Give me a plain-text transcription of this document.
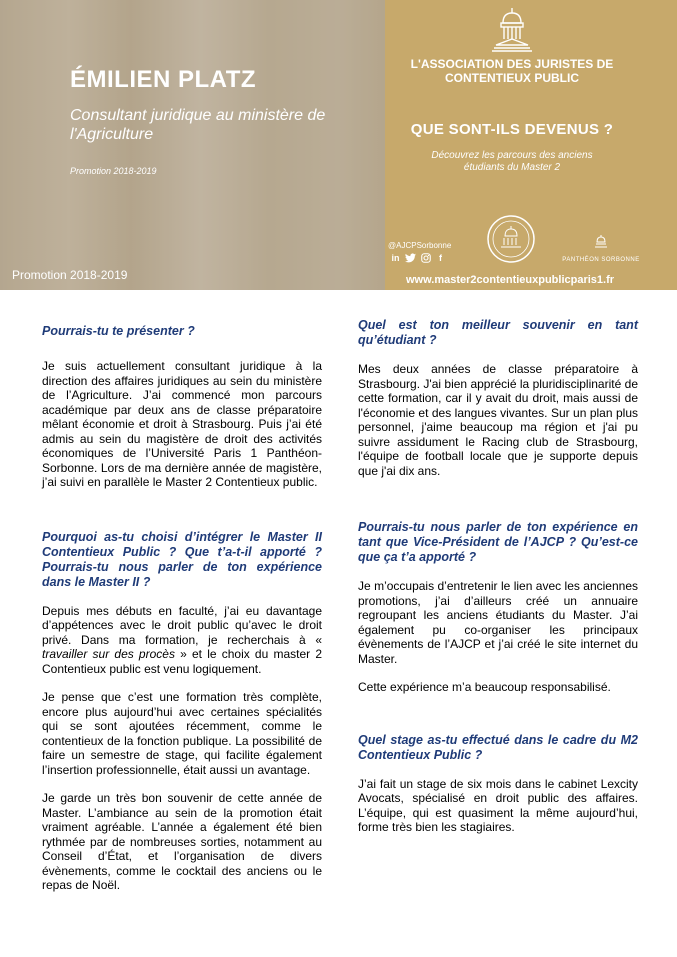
ÉMILIEN PLATZ
Consultant juridique au ministère de l'Agriculture
Promotion 2018-2019
Promotion 2018-2019
L'ASSOCIATION DES JURISTES DE CONTENTIEUX PUBLIC
QUE SONT-ILS DEVENUS ?
Découvrez les parcours des anciens étudiants du Master 2
@AJCPSorbonne
in	f	PANTHÉON SORBONNE
www.master2contentieuxpublicparis1.fr

Pourrais-tu te présenter ?

Je suis actuellement consultant juridique à la direction des affaires juridiques au sein du ministère de l’Agriculture. J’ai commencé mon parcours académique par deux ans de classe préparatoire mêlant économie et droit à Strasbourg. Puis j’ai été admis au sein du magistère de droit des activités économiques de l’Université Paris 1 Panthéon-Sorbonne. Lors de ma dernière année de magistère, j’ai suivi en parallèle le Master 2 Contentieux public.

Pourquoi as-tu choisi d’intégrer le Master II Contentieux Public ? Que t’a-t-il apporté ? Pourrais-tu nous parler de ton expérience dans le Master II ?

Depuis mes débuts en faculté, j’ai eu davantage d’appétences avec le droit public qu’avec le droit privé. Dans ma formation, je recherchais à « travailler sur des procès » et le choix du master 2 Contentieux public est venu logiquement.

Je pense que c’est une formation très complète, encore plus aujourd’hui avec certaines spécialités qui se sont ajoutées récemment, comme le contentieux de la fonction publique. La possibilité de faire un semestre de stage, qui facilite également l’insertion professionnelle, était aussi un avantage.

Je garde un très bon souvenir de cette année de Master. L’ambiance au sein de la promotion était vraiment agréable. L’année a également été bien rythmée par de nombreuses sorties, notamment au Conseil d’État, et l’organisation de divers évènements, comme le cocktail des anciens ou le repas de Noël.

Quel est ton meilleur souvenir en tant qu’étudiant ?

Mes deux années de classe préparatoire à Strasbourg. J'ai bien apprécié la pluridisciplinarité de cette formation, car il y avait du droit, mais aussi de l'économie et des langues vivantes. Sur un plan plus personnel, j'aime beaucoup ma région et j'ai pu suivre assidument le Racing club de Strasbourg, l'équipe de football locale que je supporte depuis que j'ai dix ans.

Pourrais-tu nous parler de ton expérience en tant que Vice-Président de l’AJCP ? Qu’est-ce que ça t’a apporté ?

Je m’occupais d’entretenir le lien avec les anciennes promotions, j’ai d’ailleurs créé un annuaire regroupant les anciens étudiants du Master. J’ai également pu co-organiser les principaux évènements de l’AJCP et j’ai créé le site internet du Master.

Cette expérience m’a beaucoup responsabilisé.

Quel stage as-tu effectué dans le cadre du M2 Contentieux Public ?

J’ai fait un stage de six mois dans le cabinet Lexcity Avocats, spécialisé en droit public des affaires. L’équipe, qui est quasiment la même aujourd’hui, forme très bien les stagiaires.
